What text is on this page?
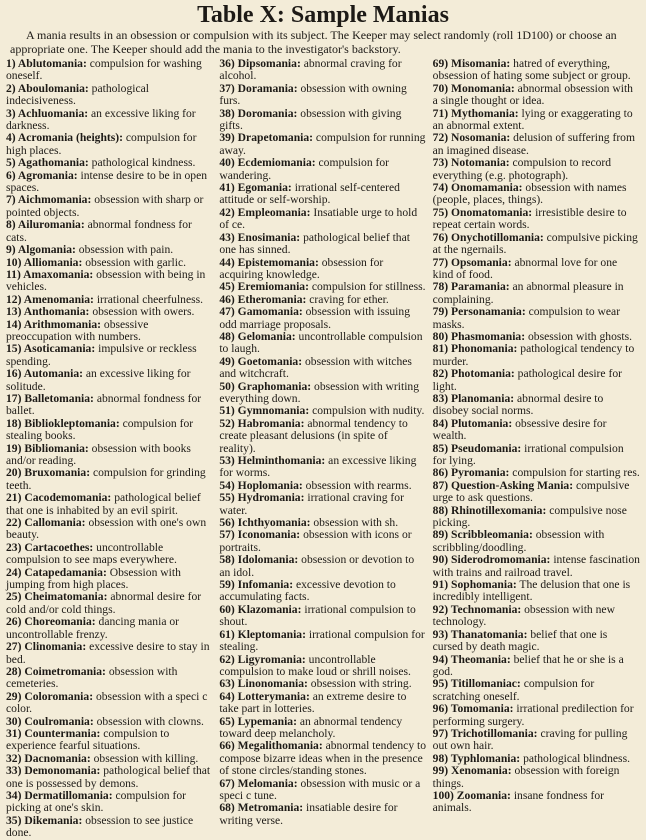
Table X: Sample Manias

A mania results in an obsession or compulsion with its subject. The Keeper may select randomly (roll 1D100) or choose an appropriate one. The Keeper should add the mania to the investigator's backstory.

1) Ablutomania: compulsion for washing oneself.

2) Aboulomania: pathological indecisiveness.

3) Achluomania: an excessive liking for darkness.

4) Acromania (heights): compulsion for high places.

5) Agathomania: pathological kindness.

6) Agromania: intense desire to be in open spaces.

7) Aichmomania: obsession with sharp or pointed objects.

8) Ailuromania: abnormal fondness for cats.

9) Algomania: obsession with pain.

10) Alliomania: obsession with garlic.

11) Amaxomania: obsession with being in vehicles.

12) Amenomania: irrational cheerfulness.

13) Anthomania: obsession with owers.

14) Arithmomania: obsessive preoccupation with numbers.

15) Asoticamania: impulsive or reckless spending.

16) Automania: an excessive liking for solitude.

17) Balletomania: abnormal fondness for ballet.

18) Bibliokleptomania: compulsion for stealing books.

19) Bibliomania: obsession with books and/or reading.

20) Bruxomania: compulsion for grinding teeth.

21) Cacodemomania: pathological belief that one is inhabited by an evil spirit.

22) Callomania: obsession with one's own beauty.

23) Cartacoethes: uncontrollable compulsion to see maps everywhere.

24) Catapedamania: Obsession with jumping from high places.

25) Cheimatomania: abnormal desire for cold and/or cold things.

26) Choreomania: dancing mania or uncontrollable frenzy.

27) Clinomania: excessive desire to stay in bed.

28) Coimetromania: obsession with cemeteries.

29) Coloromania: obsession with a speci c color.

30) Coulromania: obsession with clowns.

31) Countermania: compulsion to experience fearful situations.

32) Dacnomania: obsession with killing.

33) Demonomania: pathological belief that one is possessed by demons.

34) Dermatillomania: compulsion for picking at one's skin.

35) Dikemania: obsession to see justice done.

36) Dipsomania: abnormal craving for alcohol.

37) Doramania: obsession with owning furs.

38) Doromania: obsession with giving gifts.

39) Drapetomania: compulsion for running away.

40) Ecdemiomania: compulsion for wandering.

41) Egomania: irrational self-centered attitude or self-worship.

42) Empleomania: Insatiable urge to hold of ce.

43) Enosimania: pathological belief that one has sinned.

44) Epistemomania: obsession for acquiring knowledge.

45) Eremiomania: compulsion for stillness.

46) Etheromania: craving for ether.

47) Gamomania: obsession with issuing odd marriage proposals.

48) Gelomania: uncontrollable compulsion to laugh.

49) Goetomania: obsession with witches and witchcraft.

50) Graphomania: obsession with writing everything down.

51) Gymnomania: compulsion with nudity.

52) Habromania: abnormal tendency to create pleasant delusions (in spite of reality).

53) Helminthomania: an excessive liking for worms.

54) Hoplomania: obsession with rearms.

55) Hydromania: irrational craving for water.

56) Ichthyomania: obsession with sh.

57) Iconomania: obsession with icons or portraits.

58) Idolomania: obsession or devotion to an idol.

59) Infomania: excessive devotion to accumulating facts.

60) Klazomania: irrational compulsion to shout.

61) Kleptomania: irrational compulsion for stealing.

62) Ligyromania: uncontrollable compulsion to make loud or shrill noises.

63) Linonomania: obsession with string.

64) Lotterymania: an extreme desire to take part in lotteries.

65) Lypemania: an abnormal tendency toward deep melancholy.

66) Megalithomania: abnormal tendency to compose bizarre ideas when in the presence of stone circles/standing stones.

67) Melomania: obsession with music or a speci c tune.

68) Metromania: insatiable desire for writing verse.

69) Misomania: hatred of everything, obsession of hating some subject or group.

70) Monomania: abnormal obsession with a single thought or idea.

71) Mythomania: lying or exaggerating to an abnormal extent.

72) Nosomania: delusion of suffering from an imagined disease.

73) Notomania: compulsion to record everything (e.g. photograph).

74) Onomamania: obsession with names (people, places, things).

75) Onomatomania: irresistible desire to repeat certain words.

76) Onychotillomania: compulsive picking at the ngernails.

77) Opsomania: abnormal love for one kind of food.

78) Paramania: an abnormal pleasure in complaining.

79) Personamania: compulsion to wear masks.

80) Phasmomania: obsession with ghosts.

81) Phonomania: pathological tendency to murder.

82) Photomania: pathological desire for light.

83) Planomania: abnormal desire to disobey social norms.

84) Plutomania: obsessive desire for wealth.

85) Pseudomania: irrational compulsion for lying.

86) Pyromania: compulsion for starting res.

87) Question-Asking Mania: compulsive urge to ask questions.

88) Rhinotillexomania: compulsive nose picking.

89) Scribbleomania: obsession with scribbling/doodling.

90) Siderodromomania: intense fascination with trains and railroad travel.

91) Sophomania: The delusion that one is incredibly intelligent.

92) Technomania: obsession with new technology.

93) Thanatomania: belief that one is cursed by death magic.

94) Theomania: belief that he or she is a god.

95) Titillomaniac: compulsion for scratching oneself.

96) Tomomania: irrational predilection for performing surgery.

97) Trichotillomania: craving for pulling out own hair.

98) Typhlomania: pathological blindness.

99) Xenomania: obsession with foreign things.

100) Zoomania: insane fondness for animals.
